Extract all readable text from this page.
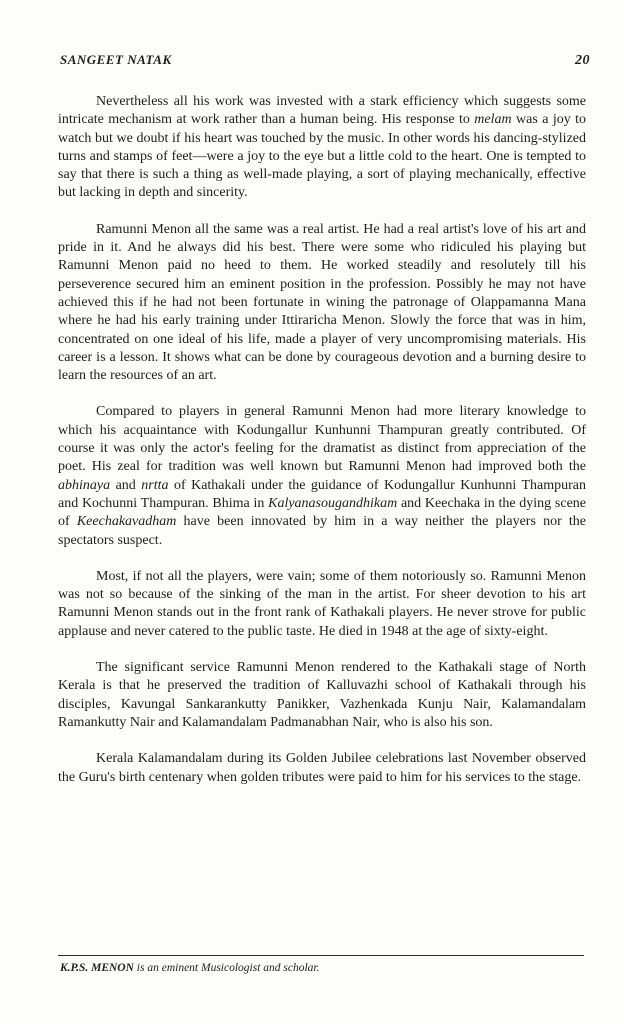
SANGEET NATAK	20

Nevertheless all his work was invested with a stark efficiency which suggests some intricate mechanism at work rather than a human being. His response to melam was a joy to watch but we doubt if his heart was touched by the music. In other words his dancing-stylized turns and stamps of feet—were a joy to the eye but a little cold to the heart. One is tempted to say that there is such a thing as well-made playing, a sort of playing mechanically, effective but lacking in depth and sincerity.

Ramunni Menon all the same was a real artist. He had a real artist's love of his art and pride in it. And he always did his best. There were some who ridiculed his playing but Ramunni Menon paid no heed to them. He worked steadily and resolutely till his perseverence secured him an eminent position in the profession. Possibly he may not have achieved this if he had not been fortunate in wining the patronage of Olappamanna Mana where he had his early training under Ittiraricha Menon. Slowly the force that was in him, concentrated on one ideal of his life, made a player of very uncompromising materials. His career is a lesson. It shows what can be done by courageous devotion and a burning desire to learn the resources of an art.

Compared to players in general Ramunni Menon had more literary knowledge to which his acquaintance with Kodungallur Kunhunni Thampuran greatly contributed. Of course it was only the actor's feeling for the dramatist as distinct from appreciation of the poet. His zeal for tradition was well known but Ramunni Menon had improved both the abhinaya and nrtta of Kathakali under the guidance of Kodungallur Kunhunni Thampuran and Kochunni Thampuran. Bhima in Kalyanasougandhikam and Keechaka in the dying scene of Keechakavadham have been innovated by him in a way neither the players nor the spectators suspect.

Most, if not all the players, were vain; some of them notoriously so. Ramunni Menon was not so because of the sinking of the man in the artist. For sheer devotion to his art Ramunni Menon stands out in the front rank of Kathakali players. He never strove for public applause and never catered to the public taste. He died in 1948 at the age of sixty-eight.

The significant service Ramunni Menon rendered to the Kathakali stage of North Kerala is that he preserved the tradition of Kalluvazhi school of Kathakali through his disciples, Kavungal Sankarankutty Panikker, Vazhenkada Kunju Nair, Kalamandalam Ramankutty Nair and Kalamandalam Padmanabhan Nair, who is also his son.

Kerala Kalamandalam during its Golden Jubilee celebrations last November observed the Guru's birth centenary when golden tributes were paid to him for his services to the stage.

K.P.S. MENON is an eminent Musicologist and scholar.
